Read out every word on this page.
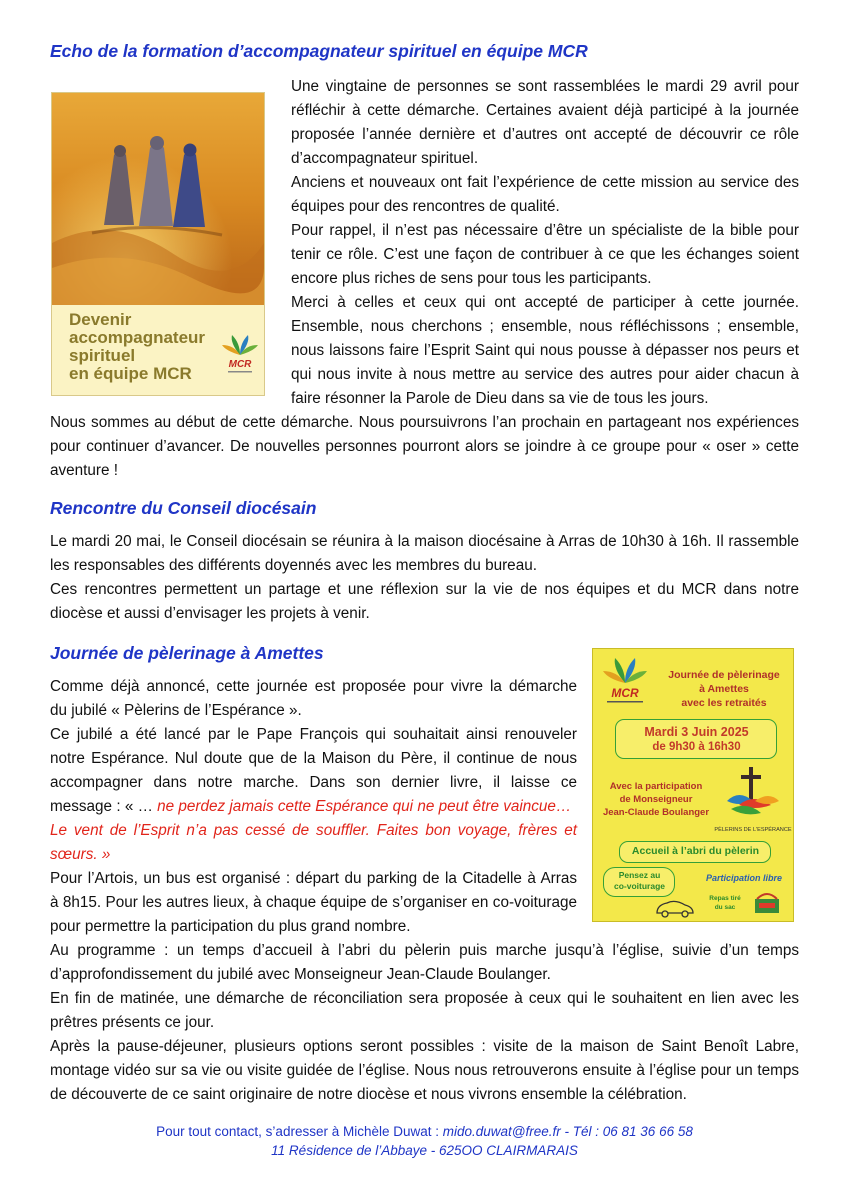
Echo de la formation d’accompagnateur spirituel en équipe MCR
Devenir
accompagnateur
spirituel
en équipe MCR	MCR

Une vingtaine de personnes se sont rassemblées le mardi 29 avril pour

réfléchir à cette démarche. Certaines avaient déjà participé à la journée

proposée l’année dernière et d’autres ont accepté de découvrir ce rôle

d’accompagnateur spirituel.

Anciens et nouveaux ont fait l’expérience de cette mission au service des

équipes pour des rencontres de qualité.

Pour rappel, il n’est pas nécessaire d’être un spécialiste de la bible pour

tenir ce rôle. C’est une façon de contribuer à ce que les échanges soient

encore plus riches de sens pour tous les participants.

Merci à celles et ceux qui ont accepté de participer à cette journée.

Ensemble, nous cherchons ; ensemble, nous réfléchissons ; ensemble,

nous laissons faire l’Esprit Saint qui nous pousse à dépasser nos peurs et

qui nous invite à nous mettre au service des autres pour aider chacun à

faire résonner la Parole de Dieu dans sa vie de tous les jours.

Nous sommes au début de cette démarche. Nous poursuivrons l’an prochain en partageant nos expériences

pour continuer d’avancer. De nouvelles personnes pourront alors se joindre à ce groupe pour « oser » cette

aventure !

Rencontre du Conseil diocésain

Le mardi 20 mai, le Conseil diocésain se réunira à la maison diocésaine à Arras de 10h30 à 16h. Il rassemble

les responsables des différents doyennés avec les membres du bureau.

Ces rencontres permettent un partage et une réflexion sur la vie de nos équipes et du MCR dans notre

diocèse et aussi d’envisager les projets à venir.

Journée de pèlerinage à Amettes

Comme déjà annoncé, cette journée est proposée pour vivre la démarche

du jubilé « Pèlerins de l’Espérance ».

Ce jubilé a été lancé par le Pape François qui souhaitait ainsi renouveler

notre Espérance. Nul doute que de la Maison du Père, il continue de nous

accompagner dans notre marche. Dans son dernier livre, il laisse ce

message : « … ne perdez jamais cette Espérance qui ne peut être vaincue…

Le vent de l’Esprit n’a pas cessé de souffler. Faites bon voyage, frères et

sœurs. »

Pour l’Artois, un bus est organisé : départ du parking de la Citadelle à Arras

à 8h15. Pour les autres lieux, à chaque équipe de s’organiser en co-voiturage

pour permettre la participation du plus grand nombre.

Au programme : un temps d’accueil à l’abri du pèlerin puis marche jusqu’à l’église, suivie d’un temps

d’approfondissement du jubilé avec Monseigneur Jean-Claude Boulanger.

En fin de matinée, une démarche de réconciliation sera proposée à ceux qui le souhaitent en lien avec les

prêtres présents ce jour.

Après la pause-déjeuner, plusieurs options seront possibles : visite de la maison de Saint Benoît Labre,

montage vidéo sur sa vie ou visite guidée de l’église. Nous nous retrouverons ensuite à l’église pour un temps

de découverte de ce saint originaire de notre diocèse et nous vivrons ensemble la célébration.

MCR
Journée de pèlerinage
à Amettes
avec les retraités
Mardi 3 Juin 2025
de 9h30 à 16h30
Avec la participation
de Monseigneur
Jean-Claude Boulanger
PÈLERINS DE L'ESPÉRANCE
Accueil à l’abri du pèlerin
Pensez au
co-voiturage
Participation libre
Repas tiré
du sac
Pour tout contact, s’adresser à Michèle Duwat : mido.duwat@free.fr - Tél : 06 81 36 66 58
11 Résidence de l’Abbaye - 625OO CLAIRMARAIS
